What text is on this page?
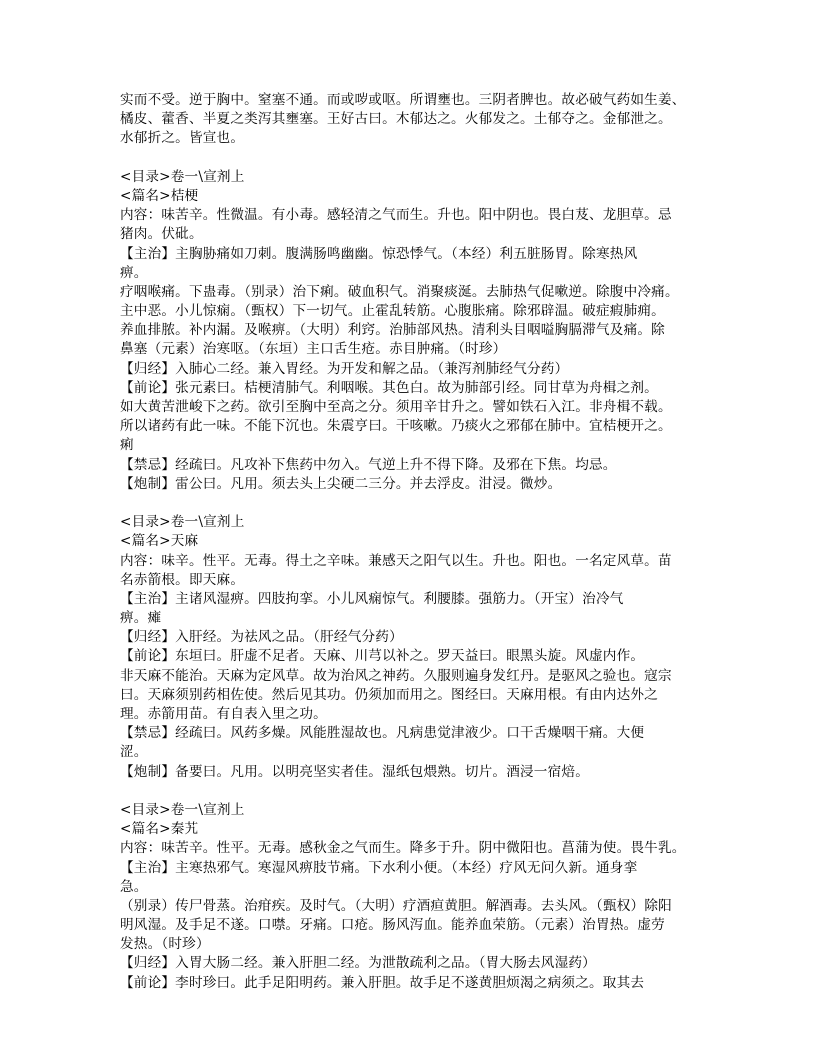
实而不受。逆于胸中。窒塞不通。而或哕或呕。所谓壅也。三阴者脾也。故必破气药如生姜、
橘皮、藿香、半夏之类泻其壅塞。王好古曰。木郁达之。火郁发之。土郁夺之。金郁泄之。
水郁折之。皆宣也。
<目录>卷一\宣剂上
<篇名>桔梗
内容：味苦辛。性微温。有小毒。感轻清之气而生。升也。阳中阴也。畏白芨、龙胆草。忌
猪肉。伏砒。
【主治】主胸胁痛如刀刺。腹满肠鸣幽幽。惊恐悸气。（本经）利五脏肠胃。除寒热风
痹。
疗咽喉痛。下蛊毒。（别录）治下痢。破血积气。消聚痰涎。去肺热气促嗽逆。除腹中冷痛。
主中恶。小儿惊痫。（甄权）下一切气。止霍乱转筋。心腹胀痛。除邪辟温。破症瘕肺痈。
养血排脓。补内漏。及喉痹。（大明）利窍。治肺部风热。清利头目咽嗌胸膈滞气及痛。除
鼻塞（元素）治寒呕。（东垣）主口舌生疮。赤目肿痛。（时珍）
【归经】入肺心二经。兼入胃经。为开发和解之品。（兼泻剂肺经气分药）
【前论】张元素曰。桔梗清肺气。利咽喉。其色白。故为肺部引经。同甘草为舟楫之剂。
如大黄苦泄峻下之药。欲引至胸中至高之分。须用辛甘升之。譬如铁石入江。非舟楫不载。
所以诸药有此一味。不能下沉也。朱震亨曰。干咳嗽。乃痰火之邪郁在肺中。宜桔梗开之。
痢
【禁忌】经疏曰。凡攻补下焦药中勿入。气逆上升不得下降。及邪在下焦。均忌。
【炮制】雷公曰。凡用。须去头上尖硬二三分。并去浮皮。泔浸。微炒。
<目录>卷一\宣剂上
<篇名>天麻
内容：味辛。性平。无毒。得土之辛味。兼感天之阳气以生。升也。阳也。一名定风草。苗
名赤箭根。即天麻。
【主治】主诸风湿痹。四肢拘挛。小儿风痫惊气。利腰膝。强筋力。（开宝）治冷气
痹。瘫
【归经】入肝经。为祛风之品。（肝经气分药）
【前论】东垣曰。肝虚不足者。天麻、川芎以补之。罗天益曰。眼黑头旋。风虚内作。
非天麻不能治。天麻为定风草。故为治风之神药。久服则遍身发红丹。是驱风之验也。寇宗
曰。天麻须别药相佐使。然后见其功。仍须加而用之。图经曰。天麻用根。有由内达外之
理。赤箭用苗。有自表入里之功。
【禁忌】经疏曰。风药多燥。风能胜湿故也。凡病患觉津液少。口干舌燥咽干痛。大便
涩。
【炮制】备要曰。凡用。以明亮坚实者佳。湿纸包煨熟。切片。酒浸一宿焙。
<目录>卷一\宣剂上
<篇名>秦艽
内容：味苦辛。性平。无毒。感秋金之气而生。降多于升。阴中微阳也。菖蒲为使。畏牛乳。
【主治】主寒热邪气。寒湿风痹肢节痛。下水利小便。（本经）疗风无问久新。通身挛
急。
（别录）传尸骨蒸。治疳疾。及时气。（大明）疗酒疸黄胆。解酒毒。去头风。（甄权）除阳
明风湿。及手足不遂。口噤。牙痛。口疮。肠风泻血。能养血荣筋。（元素）治胃热。虚劳
发热。（时珍）
【归经】入胃大肠二经。兼入肝胆二经。为泄散疏利之品。（胃大肠去风湿药）
【前论】李时珍曰。此手足阳明药。兼入肝胆。故手足不遂黄胆烦渴之病须之。取其去
